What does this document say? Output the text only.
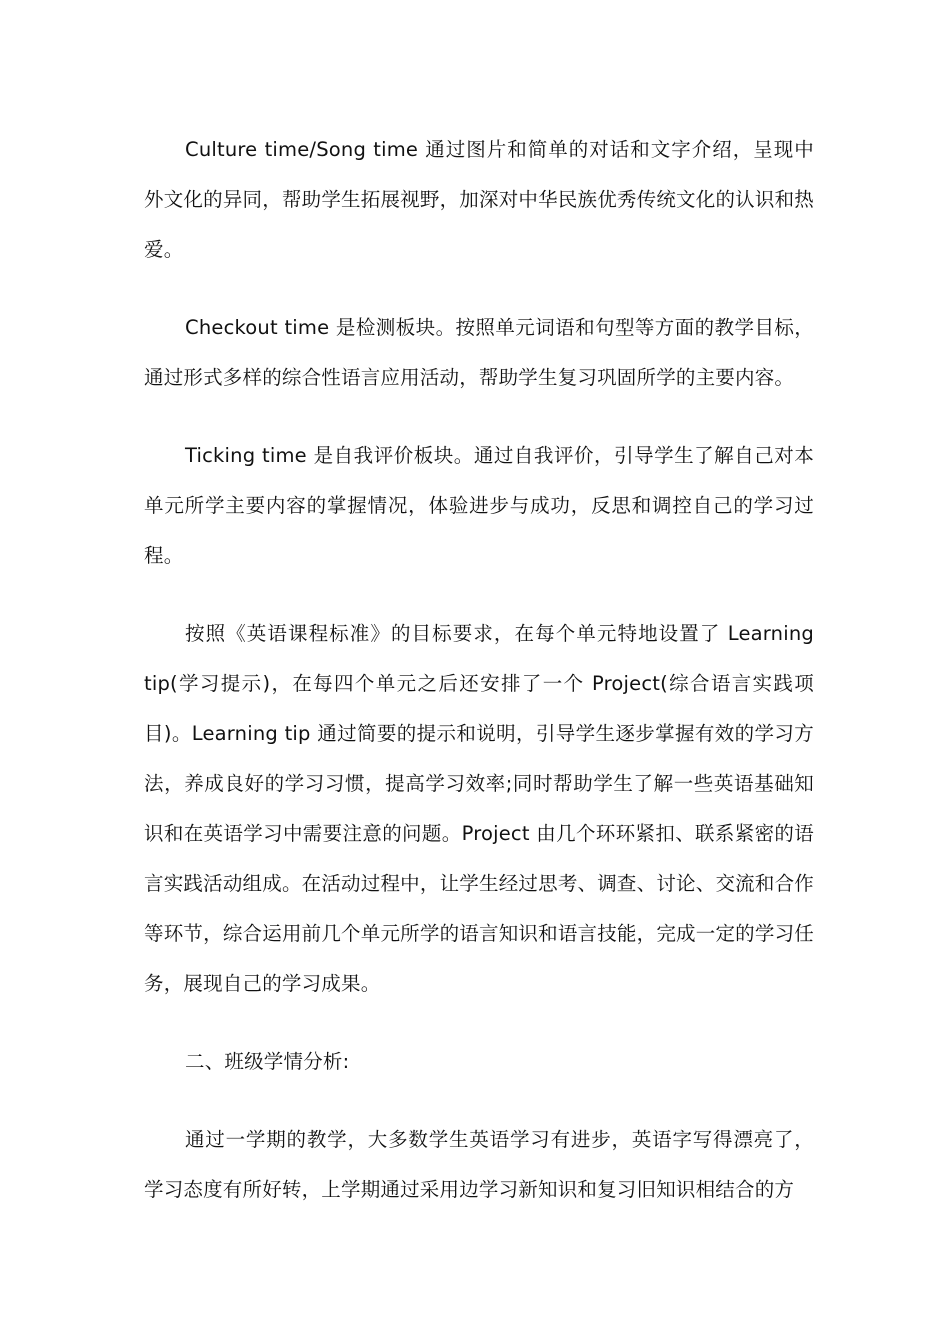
Culture time/Song time 通过图片和简单的对话和文字介绍，呈现中外文化的异同，帮助学生拓展视野，加深对中华民族优秀传统文化的认识和热爱。

Checkout time 是检测板块。按照单元词语和句型等方面的教学目标，通过形式多样的综合性语言应用活动，帮助学生复习巩固所学的主要内容。

Ticking time 是自我评价板块。通过自我评价，引导学生了解自己对本单元所学主要内容的掌握情况，体验进步与成功，反思和调控自己的学习过程。

按照《英语课程标准》的目标要求，在每个单元特地设置了 Learning tip(学习提示)，在每四个单元之后还安排了一个 Project(综合语言实践项目)。Learning tip 通过简要的提示和说明，引导学生逐步掌握有效的学习方法，养成良好的学习习惯，提高学习效率;同时帮助学生了解一些英语基础知识和在英语学习中需要注意的问题。Project 由几个环环紧扣、联系紧密的语言实践活动组成。在活动过程中，让学生经过思考、调查、讨论、交流和合作等环节，综合运用前几个单元所学的语言知识和语言技能，完成一定的学习任务，展现自己的学习成果。

二、班级学情分析:

通过一学期的教学，大多数学生英语学习有进步，英语字写得漂亮了，学习态度有所好转，上学期通过采用边学习新知识和复习旧知识相结合的方
